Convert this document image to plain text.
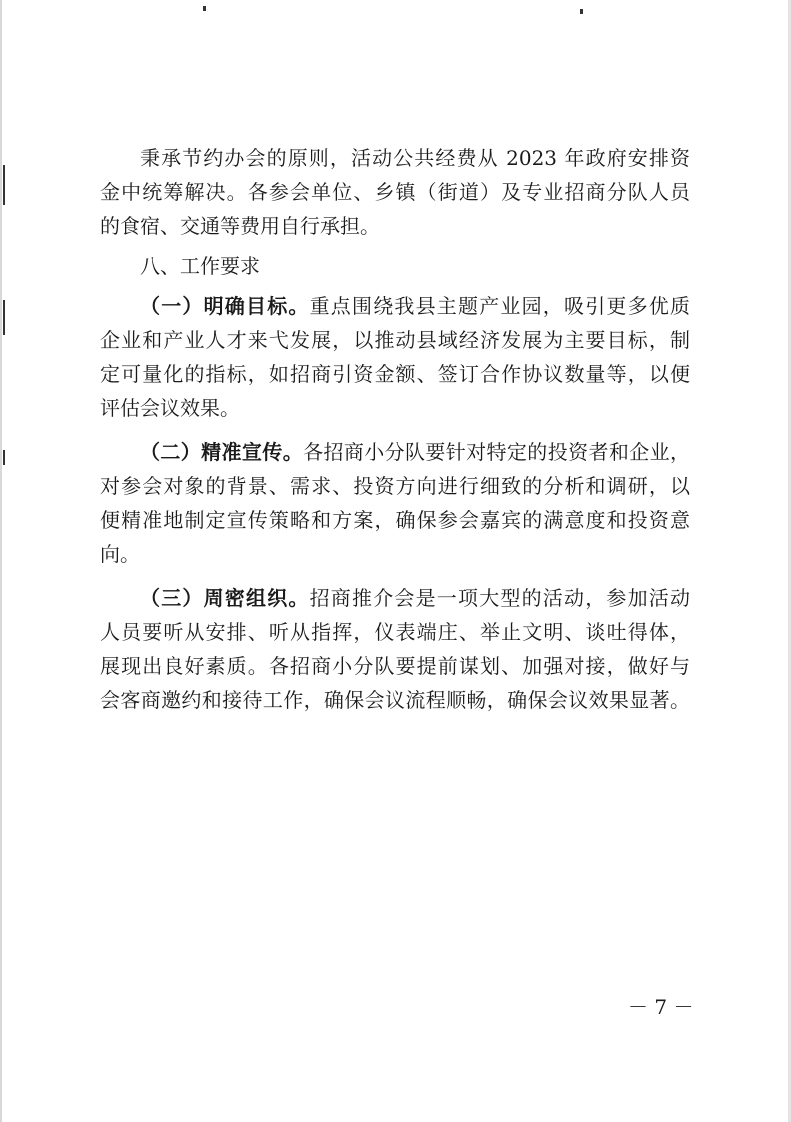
秉承节约办会的原则，活动公共经费从 2023 年政府安排资
金中统筹解决。各参会单位、乡镇（街道）及专业招商分队人员
的食宿、交通等费用自行承担。
八、工作要求
（一）明确目标。重点围绕我县主题产业园，吸引更多优质
企业和产业人才来弋发展，以推动县域经济发展为主要目标，制
定可量化的指标，如招商引资金额、签订合作协议数量等，以便
评估会议效果。
（二）精准宣传。各招商小分队要针对特定的投资者和企业，
对参会对象的背景、需求、投资方向进行细致的分析和调研，以
便精准地制定宣传策略和方案，确保参会嘉宾的满意度和投资意
向。
（三）周密组织。招商推介会是一项大型的活动，参加活动
人员要听从安排、听从指挥，仪表端庄、举止文明、谈吐得体，
展现出良好素质。各招商小分队要提前谋划、加强对接，做好与
会客商邀约和接待工作，确保会议流程顺畅，确保会议效果显著。
－ 7 －
